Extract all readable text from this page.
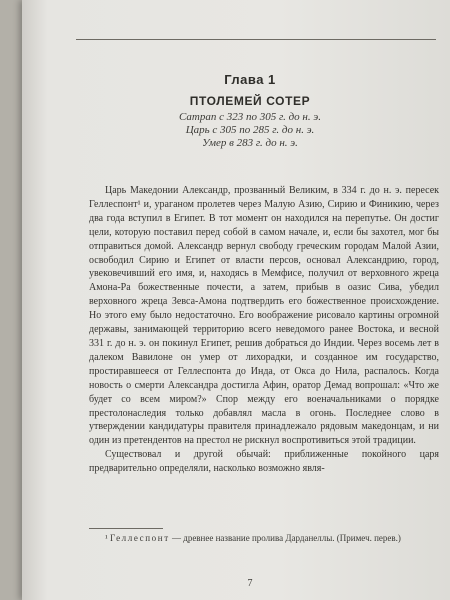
Глава 1
ПТОЛЕМЕЙ СОТЕР
Сатрап с 323 по 305 г. до н. э.
Царь с 305 по 285 г. до н. э.
Умер в 283 г. до н. э.

Царь Македонии Александр, прозванный Великим, в 334 г. до н. э. пересек Геллеспонт¹ и, ураганом пролетев через Малую Азию, Сирию и Финикию, через два года вступил в Египет. В тот момент он находился на перепутье. Он достиг цели, которую поставил перед собой в самом начале, и, если бы захотел, мог бы отправиться домой. Александр вернул свободу греческим городам Малой Азии, освободил Сирию и Египет от власти персов, основал Александрию, город, увековечивший его имя, и, находясь в Мемфисе, получил от верховного жреца Амона-Ра божественные почести, а затем, прибыв в оазис Сива, убедил верховного жреца Зевса-Амона подтвердить его божественное происхождение. Но этого ему было недостаточно. Его воображение рисовало картины огромной державы, занимающей территорию всего неведомого ранее Востока, и весной 331 г. до н. э. он покинул Египет, решив добраться до Индии. Через восемь лет в далеком Вавилоне он умер от лихорадки, и созданное им государство, простиравшееся от Геллеспонта до Инда, от Окса до Нила, распалось. Когда новость о смерти Александра достигла Афин, оратор Демад вопрошал: «Что же будет со всем миром?» Спор между его военачальниками о порядке престолонаследия только добавлял масла в огонь. Последнее слово в утверждении кандидатуры правителя принадлежало рядовым македонцам, и ни один из претендентов на престол не рискнул воспротивиться этой традиции.

Существовал и другой обычай: приближенные покойного царя предварительно определяли, насколько возможно явля-

¹ Геллеспонт — древнее название пролива Дарданеллы. (Примеч. перев.)
7
